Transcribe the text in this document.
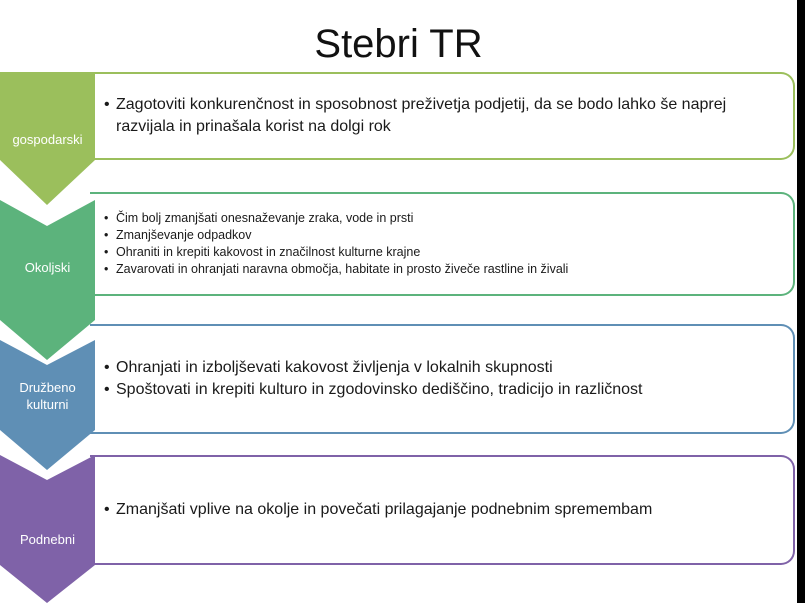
Stebri TR
gospodarski
Okoljski
Družbeno kulturni
Podnebni
• Zagotoviti konkurenčnost in sposobnost preživetja podjetij, da se bodo lahko še naprej razvijala in prinašala korist na dolgi rok
• Čim bolj zmanjšati onesnaževanje zraka, vode in prsti
• Zmanjševanje odpadkov
• Ohraniti in krepiti kakovost in značilnost kulturne krajne
• Zavarovati in ohranjati naravna območja, habitate in prosto živeče rastline in živali
• Ohranjati in izboljševati kakovost življenja v lokalnih skupnosti
• Spoštovati in krepiti kulturo in zgodovinsko dediščino, tradicijo in različnost
• Zmanjšati vplive na okolje in povečati prilagajanje podnebnim spremembam
